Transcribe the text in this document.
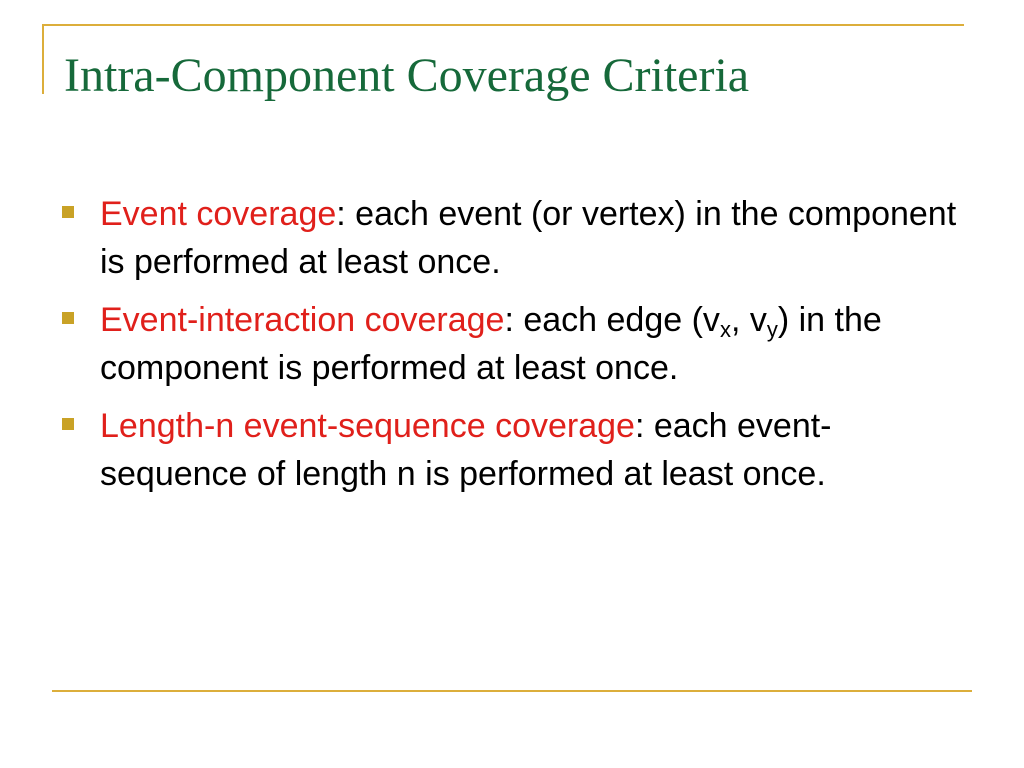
Intra-Component Coverage Criteria
Event coverage: each event (or vertex) in the component is performed at least once.
Event-interaction coverage: each edge ($v_x$, $v_y$) in the component is performed at least once.
Length-n event-sequence coverage: each event-sequence of length n is performed at least once.
